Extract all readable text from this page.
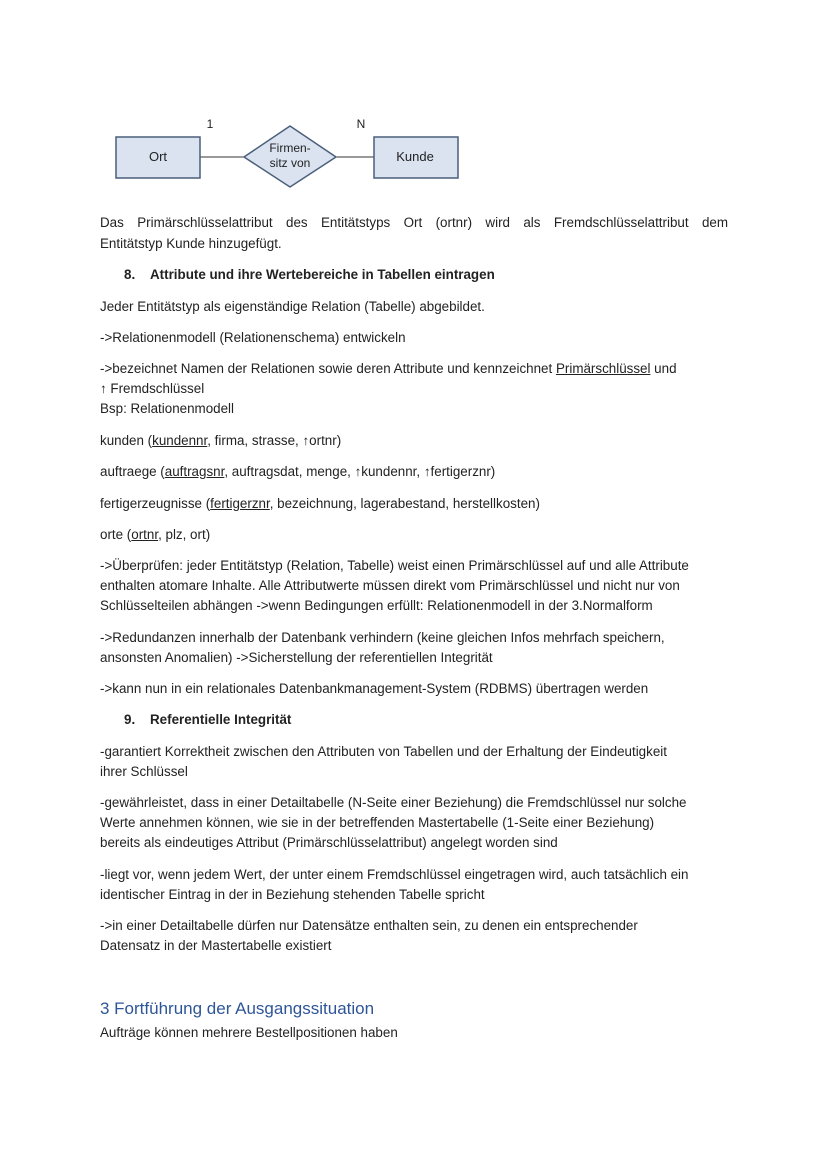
Ort	Kunde
Firmen-
sitz von
1	N
Das Primärschlüsselattribut des Entitätstyps Ort (ortnr) wird als Fremdschlüsselattribut dem
Entitätstyp Kunde hinzugefügt.
8. Attribute und ihre Wertebereiche in Tabellen eintragen
Jeder Entitätstyp als eigenständige Relation (Tabelle) abgebildet.
->Relationenmodell (Relationenschema) entwickeln
->bezeichnet Namen der Relationen sowie deren Attribute und kennzeichnet Primärschlüssel und
↑ Fremdschlüssel
Bsp: Relationenmodell
kunden (kundennr, firma, strasse, ↑ortnr)
auftraege (auftragsnr, auftragsdat, menge, ↑kundennr, ↑fertigerznr)
fertigerzeugnisse (fertigerznr, bezeichnung, lagerabestand, herstellkosten)
orte (ortnr, plz, ort)
->Überprüfen: jeder Entitätstyp (Relation, Tabelle) weist einen Primärschlüssel auf und alle Attribute
enthalten atomare Inhalte. Alle Attributwerte müssen direkt vom Primärschlüssel und nicht nur von
Schlüsselteilen abhängen ->wenn Bedingungen erfüllt: Relationenmodell in der 3.Normalform
->Redundanzen innerhalb der Datenbank verhindern (keine gleichen Infos mehrfach speichern,
ansonsten Anomalien) ->Sicherstellung der referentiellen Integrität
->kann nun in ein relationales Datenbankmanagement-System (RDBMS) übertragen werden
9. Referentielle Integrität
-garantiert Korrektheit zwischen den Attributen von Tabellen und der Erhaltung der Eindeutigkeit
ihrer Schlüssel
-gewährleistet, dass in einer Detailtabelle (N-Seite einer Beziehung) die Fremdschlüssel nur solche
Werte annehmen können, wie sie in der betreffenden Mastertabelle (1-Seite einer Beziehung)
bereits als eindeutiges Attribut (Primärschlüsselattribut) angelegt worden sind
-liegt vor, wenn jedem Wert, der unter einem Fremdschlüssel eingetragen wird, auch tatsächlich ein
identischer Eintrag in der in Beziehung stehenden Tabelle spricht
->in einer Detailtabelle dürfen nur Datensätze enthalten sein, zu denen ein entsprechender
Datensatz in der Mastertabelle existiert
3 Fortführung der Ausgangssituation
Aufträge können mehrere Bestellpositionen haben
